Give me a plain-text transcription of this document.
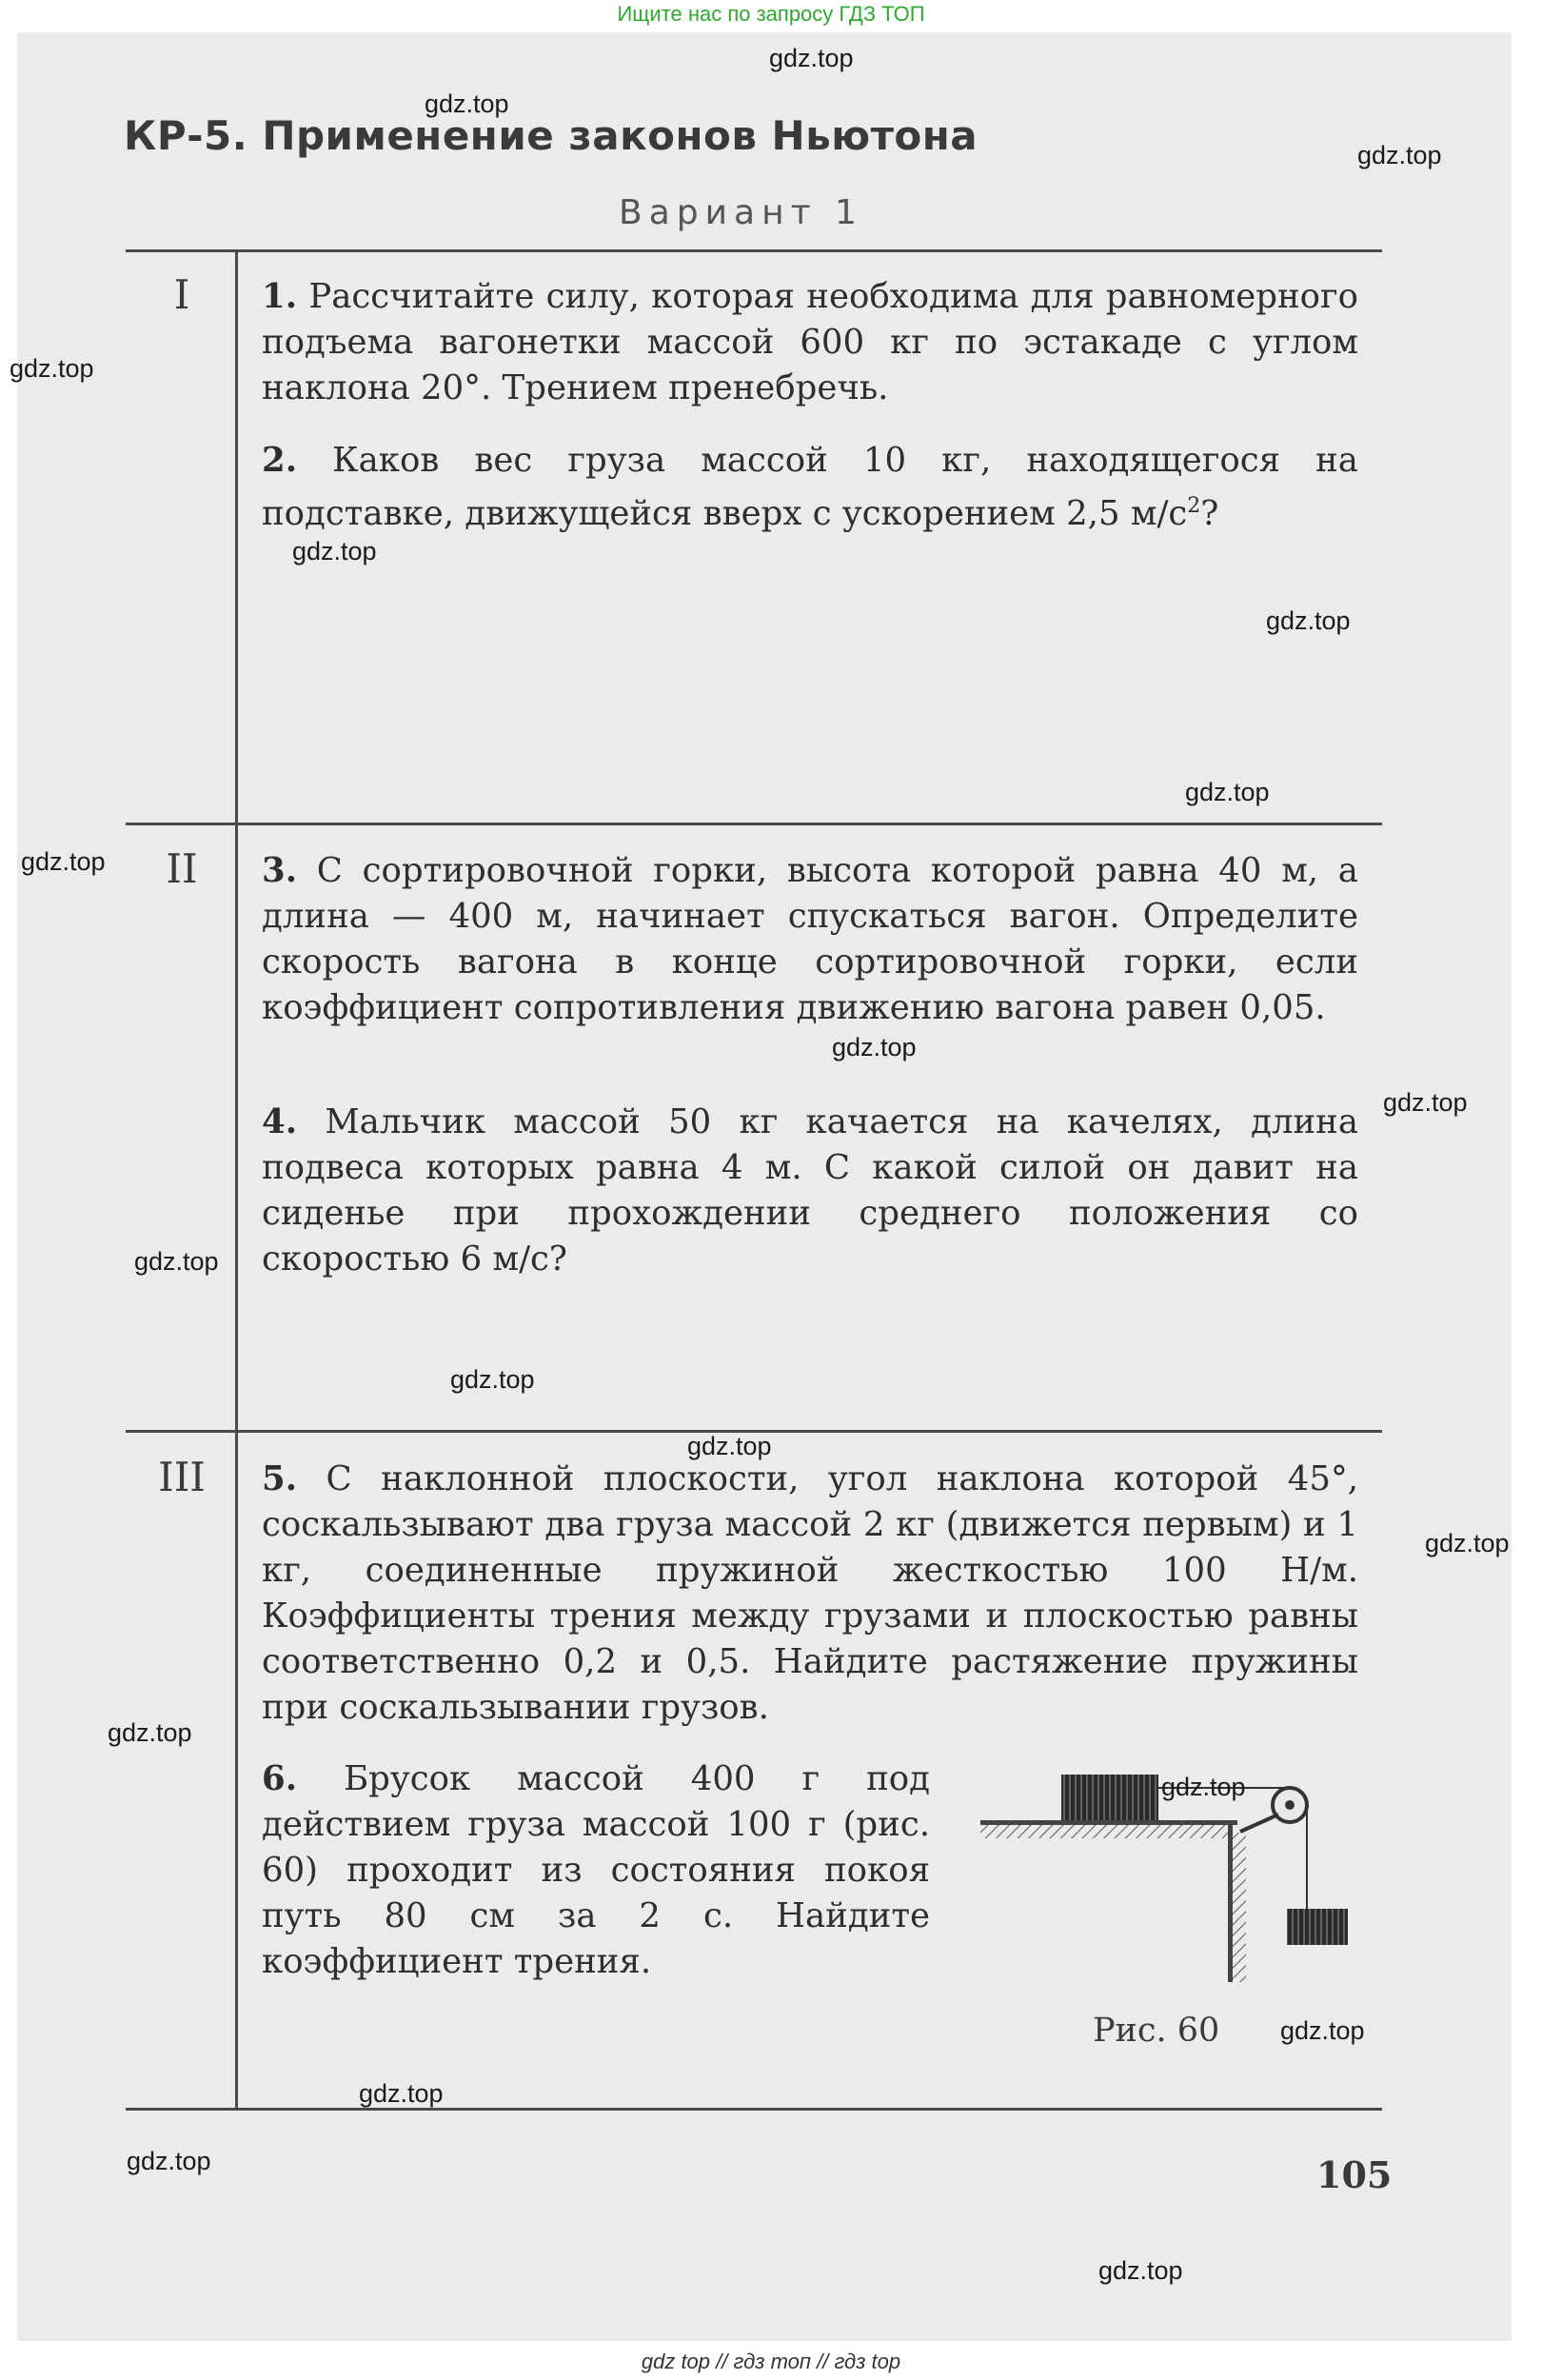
Ищите нас по запросу ГДЗ ТОП
КР-5. Применение законов Ньютона
Вариант 1
I
II
III
1. Рассчитайте силу, которая необходима для равномерного подъема вагонетки массой 600 кг по эстакаде с углом наклона 20°. Трением пренебречь.
2. Каков вес груза массой 10 кг, находящегося на подставке, движущейся вверх с ускорением 2,5 $м/с^2$?
3. С сортировочной горки, высота которой равна 40 м, а длина — 400 м, начинает спускаться вагон. Определите скорость вагона в конце сортировочной горки, если коэффициент сопротивления движению вагона равен 0,05.
4. Мальчик массой 50 кг качается на качелях, длина подвеса которых равна 4 м. С какой силой он давит на сиденье при прохождении среднего положения со скоростью 6 м/с?
5. С наклонной плоскости, угол наклона которой 45°, соскальзывают два груза массой 2 кг (движется первым) и 1 кг, соединенные пружиной жесткостью 100 Н/м. Коэффициенты трения между грузами и плоскостью равны соответственно 0,2 и 0,5. Найдите растяжение пружины при соскальзывании грузов.
6. Брусок массой 400 г под действием груза массой 100 г (рис. 60) проходит из состояния покоя путь 80 см за 2 с. Найдите коэффициент трения.
Рис. 60
105
gdz.top
gdz.top
gdz.top
gdz.top
gdz.top
gdz.top
gdz.top
gdz.top
gdz.top
gdz.top
gdz.top
gdz.top
gdz.top
gdz.top
gdz.top
gdz.top
gdz.top
gdz.top
gdz.top
gdz.top
gdz top // гдз топ // гдз top
